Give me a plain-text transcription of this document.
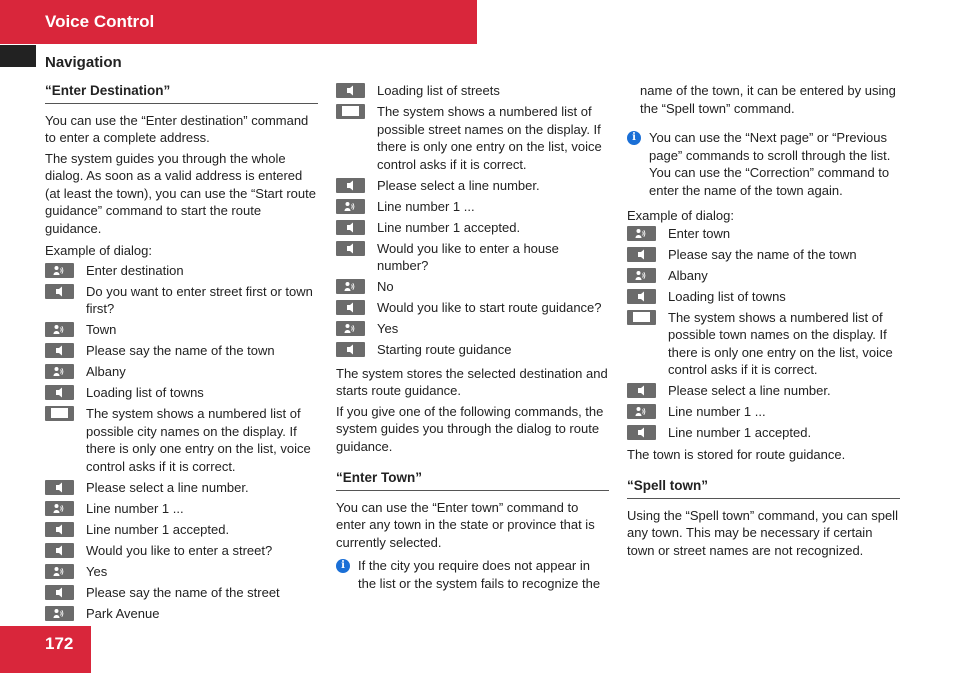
Voice Control
Navigation
“Enter Destination”

You can use the “Enter destination” command to enter a complete address.

The system guides you through the whole dialog. As soon as a valid address is entered (at least the town), you can use the “Start route guidance” command to start the route guidance.

Example of dialog:

Enter destination
Do you want to enter street first or town first?
Town
Please say the name of the town
Albany
Loading list of towns
The system shows a numbered list of possible city names on the display. If there is only one entry on the list, voice control asks if it is correct.
Please select a line number.
Line number 1 ...
Line number 1 accepted.
Would you like to enter a street?
Yes
Please say the name of the street
Park Avenue
Loading list of streets
The system shows a numbered list of possible street names on the display. If there is only one entry on the list, voice control asks if it is correct.
Please select a line number.
Line number 1 ...
Line number 1 accepted.
Would you like to enter a house number?
No
Would you like to start route guidance?
Yes
Starting route guidance

The system stores the selected destination and starts route guidance.

If you give one of the following commands, the system guides you through the dialog to route guidance.

“Enter Town”

You can use the “Enter town” command to enter any town in the state or province that is currently selected.

i	If the city you require does not appear in the list or the system fails to recognize the

name of the town, it can be entered by using the “Spell town” command.

i	You can use the “Next page” or “Previous page” commands to scroll through the list. You can use the “Correction” command to enter the name of the town again.

Example of dialog:

Enter town
Please say the name of the town
Albany
Loading list of towns
The system shows a numbered list of possible town names on the display. If there is only one entry on the list, voice control asks if it is correct.
Please select a line number.
Line number 1 ...
Line number 1 accepted.

The town is stored for route guidance.

“Spell town”

Using the “Spell town” command, you can spell any town. This may be necessary if certain town or street names are not recognized.

172
